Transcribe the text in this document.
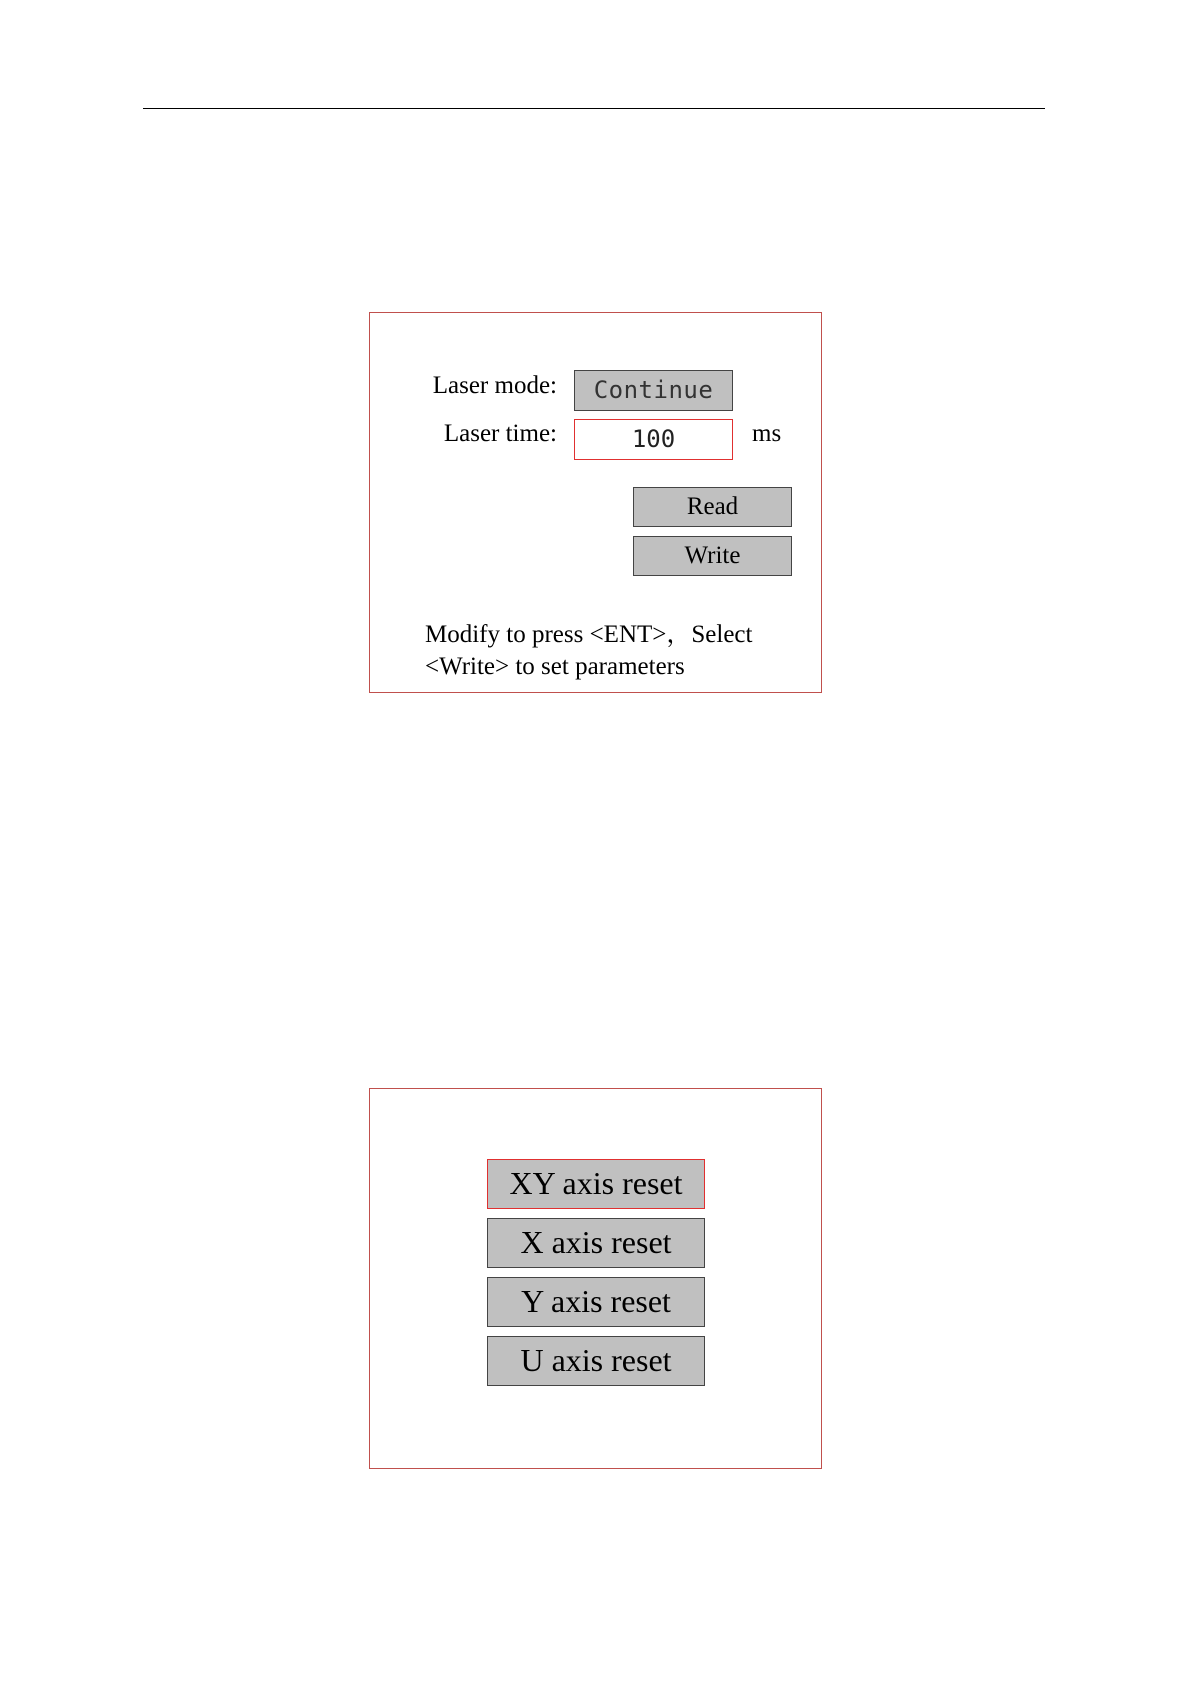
Laser mode:	Continue
Laser time:	100	ms
Read
Write
Modify to press <ENT>，Select
<Write> to set parameters
XY axis reset
X axis reset
Y axis reset
U axis reset
